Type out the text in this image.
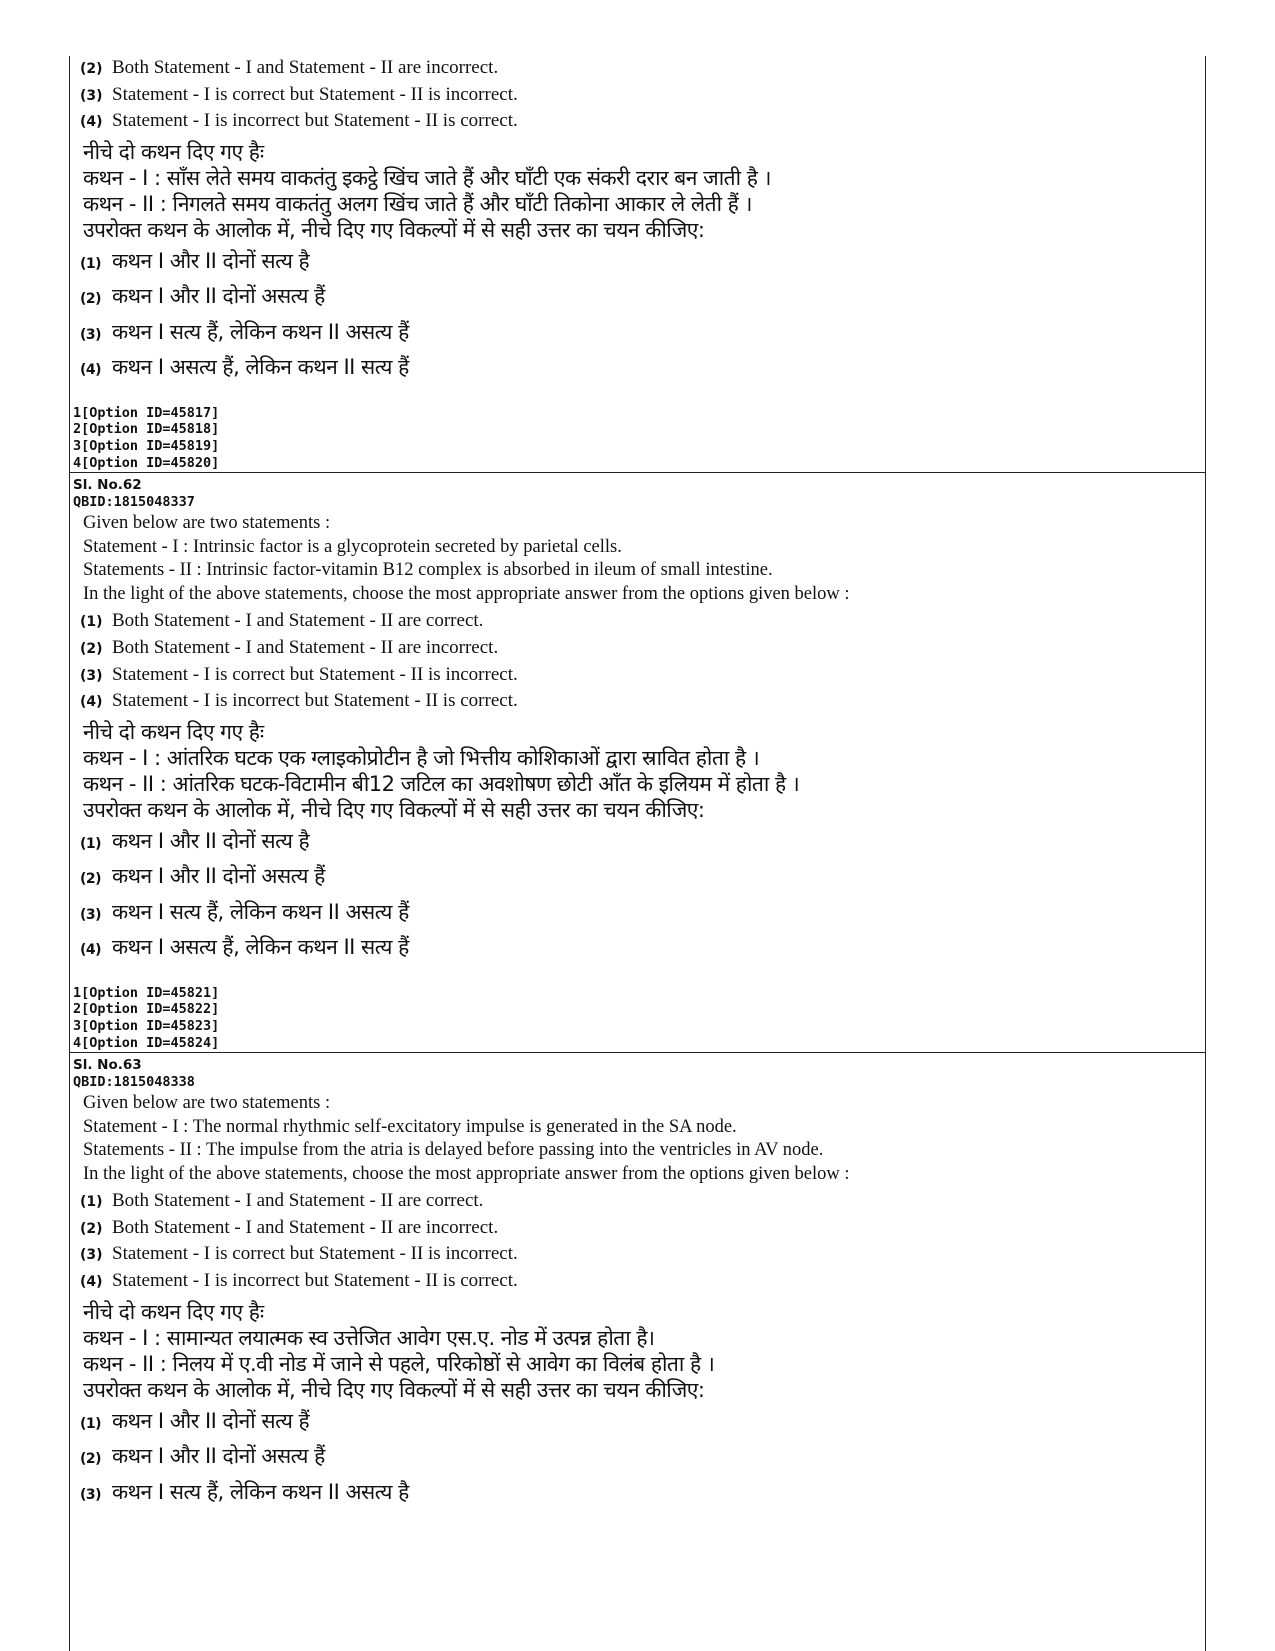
(2) Both Statement - I and Statement - II are incorrect.
(3) Statement - I is correct but Statement - II is incorrect.
(4) Statement - I is incorrect but Statement - II is correct.
नीचे दो कथन दिए गए हैः
कथन - I : साँस लेते समय वाकतंतु इकट्ठे खिंच जाते हैं और घाँटी एक संकरी दरार बन जाती है ।
कथन - II : निगलते समय वाकतंतु अलग खिंच जाते हैं और घाँटी तिकोना आकार ले लेती हैं ।
उपरोक्त कथन के आलोक में, नीचे दिए गए विकल्पों में से सही उत्तर का चयन कीजिए:
(1) कथन I और II दोनों सत्य है
(2) कथन I और II दोनों असत्य हैं
(3) कथन I सत्य हैं, लेकिन कथन II असत्य हैं
(4) कथन I असत्य हैं, लेकिन कथन II सत्य हैं
1[Option ID=45817]
2[Option ID=45818]
3[Option ID=45819]
4[Option ID=45820]
Sl. No.62
QBID:1815048337
Given below are two statements :
Statement - I : Intrinsic factor is a glycoprotein secreted by parietal cells.
Statements - II : Intrinsic factor-vitamin B12 complex is absorbed in ileum of small intestine.
In the light of the above statements, choose the most appropriate answer from the options given below :
(1) Both Statement - I and Statement - II are correct.
(2) Both Statement - I and Statement - II are incorrect.
(3) Statement - I is correct but Statement - II is incorrect.
(4) Statement - I is incorrect but Statement - II is correct.
नीचे दो कथन दिए गए हैः
कथन - I : आंतरिक घटक एक ग्लाइकोप्रोटीन है जो भित्तीय कोशिकाओं द्वारा स्रावित होता है ।
कथन - II : आंतरिक घटक-विटामीन बी12 जटिल का अवशोषण छोटी आँत के इलियम में होता है ।
उपरोक्त कथन के आलोक में, नीचे दिए गए विकल्पों में से सही उत्तर का चयन कीजिए:
(1) कथन I और II दोनों सत्य है
(2) कथन I और II दोनों असत्य हैं
(3) कथन I सत्य हैं, लेकिन कथन II असत्य हैं
(4) कथन I असत्य हैं, लेकिन कथन II सत्य हैं
1[Option ID=45821]
2[Option ID=45822]
3[Option ID=45823]
4[Option ID=45824]
Sl. No.63
QBID:1815048338
Given below are two statements :
Statement - I : The normal rhythmic self-excitatory impulse is generated in the SA node.
Statements - II : The impulse from the atria is delayed before passing into the ventricles in AV node.
In the light of the above statements, choose the most appropriate answer from the options given below :
(1) Both Statement - I and Statement - II are correct.
(2) Both Statement - I and Statement - II are incorrect.
(3) Statement - I is correct but Statement - II is incorrect.
(4) Statement - I is incorrect but Statement - II is correct.
नीचे दो कथन दिए गए हैः
कथन - I : सामान्यत लयात्मक स्व उत्तेजित आवेग एस.ए. नोड में उत्पन्न होता है।
कथन - II : निलय में ए.वी नोड में जाने से पहले, परिकोष्ठों से आवेग का विलंब होता है ।
उपरोक्त कथन के आलोक में, नीचे दिए गए विकल्पों में से सही उत्तर का चयन कीजिए:
(1) कथन I और II दोनों सत्य हैं
(2) कथन I और II दोनों असत्य हैं
(3) कथन I सत्य हैं, लेकिन कथन II असत्य है
